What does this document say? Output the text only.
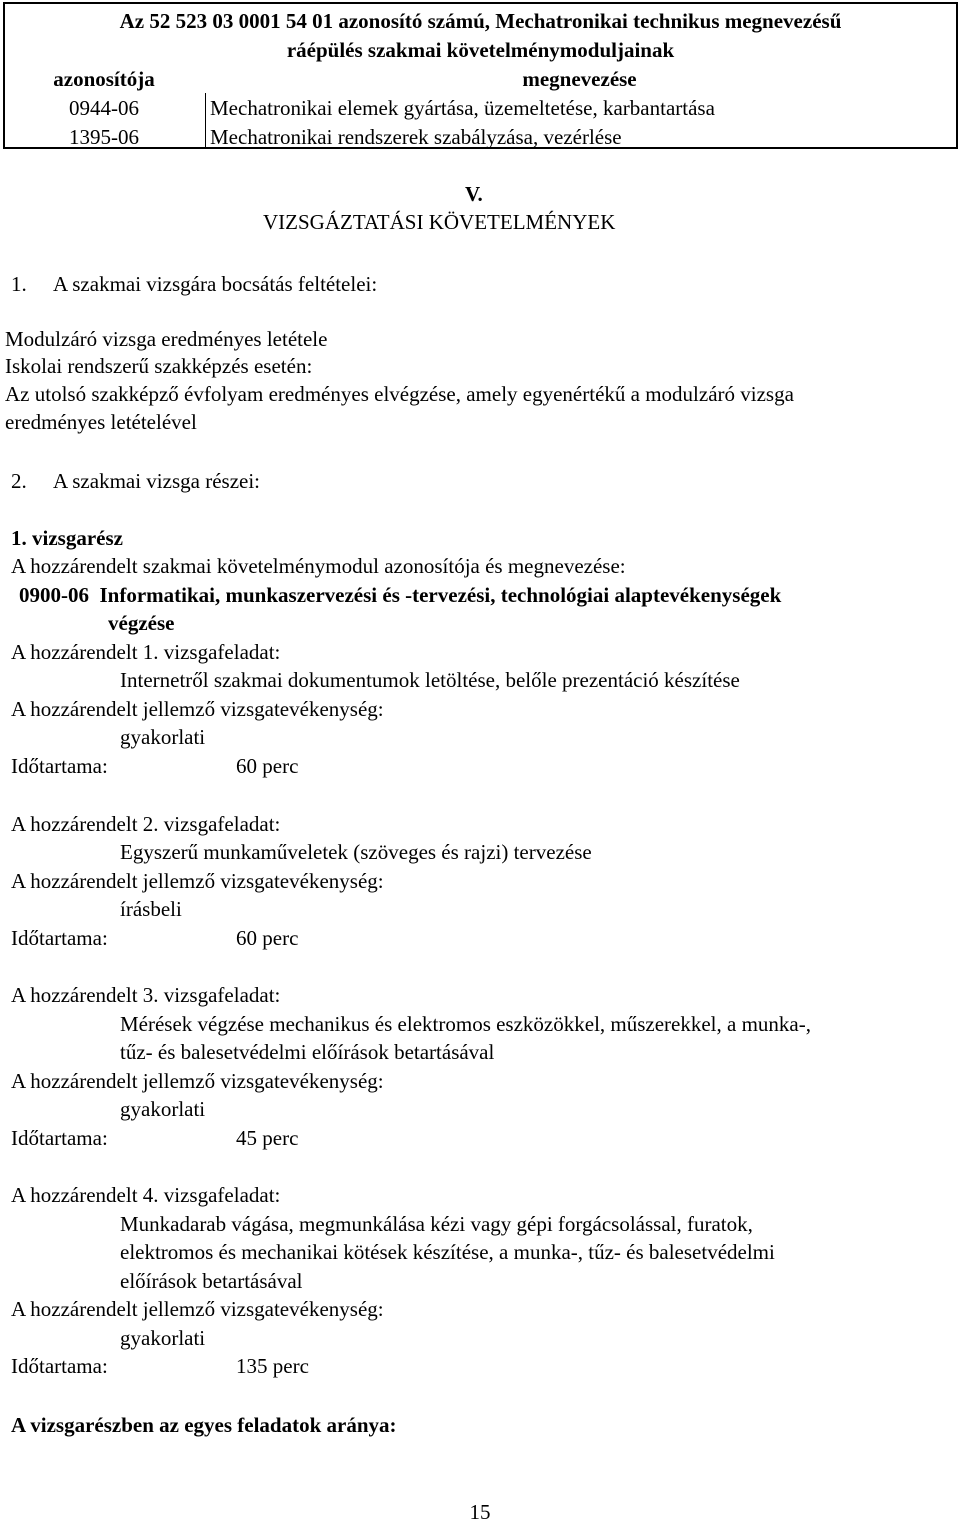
Az 52 523 03 0001 54 01 azonosító számú, Mechatronikai technikus megnevezésű
ráépülés szakmai követelménymoduljainak
azonosítója	megnevezése
0944-06	Mechatronikai elemek gyártása, üzemeltetése, karbantartása
1395-06	Mechatronikai rendszerek szabályzása, vezérlése
V.
VIZSGÁZTATÁSI KÖVETELMÉNYEK
1. A szakmai vizsgára bocsátás feltételei:
Modulzáró vizsga eredményes letétele
Iskolai rendszerű szakképzés esetén:
Az utolsó szakképző évfolyam eredményes elvégzése, amely egyenértékű a modulzáró vizsga
eredményes letételével
2. A szakmai vizsga részei:
1. vizsgarész
A hozzárendelt szakmai követelménymodul azonosítója és megnevezése:
0900-06  Informatikai, munkaszervezési és -tervezési, technológiai alaptevékenységek
végzése
A hozzárendelt 1. vizsgafeladat:
Internetről szakmai dokumentumok letöltése, belőle prezentáció készítése
A hozzárendelt jellemző vizsgatevékenység:
gyakorlati
Időtartama:	60 perc
A hozzárendelt 2. vizsgafeladat:
Egyszerű munkaműveletek (szöveges és rajzi) tervezése
A hozzárendelt jellemző vizsgatevékenység:
írásbeli
Időtartama:	60 perc
A hozzárendelt 3. vizsgafeladat:
Mérések végzése mechanikus és elektromos eszközökkel, műszerekkel, a munka-,
tűz- és balesetvédelmi előírások betartásával
A hozzárendelt jellemző vizsgatevékenység:
gyakorlati
Időtartama:	45 perc
A hozzárendelt 4. vizsgafeladat:
Munkadarab vágása, megmunkálása kézi vagy gépi forgácsolással, furatok,
elektromos és mechanikai kötések készítése, a munka-, tűz- és balesetvédelmi
előírások betartásával
A hozzárendelt jellemző vizsgatevékenység:
gyakorlati
Időtartama:	135 perc
A vizsgarészben az egyes feladatok aránya:
15
